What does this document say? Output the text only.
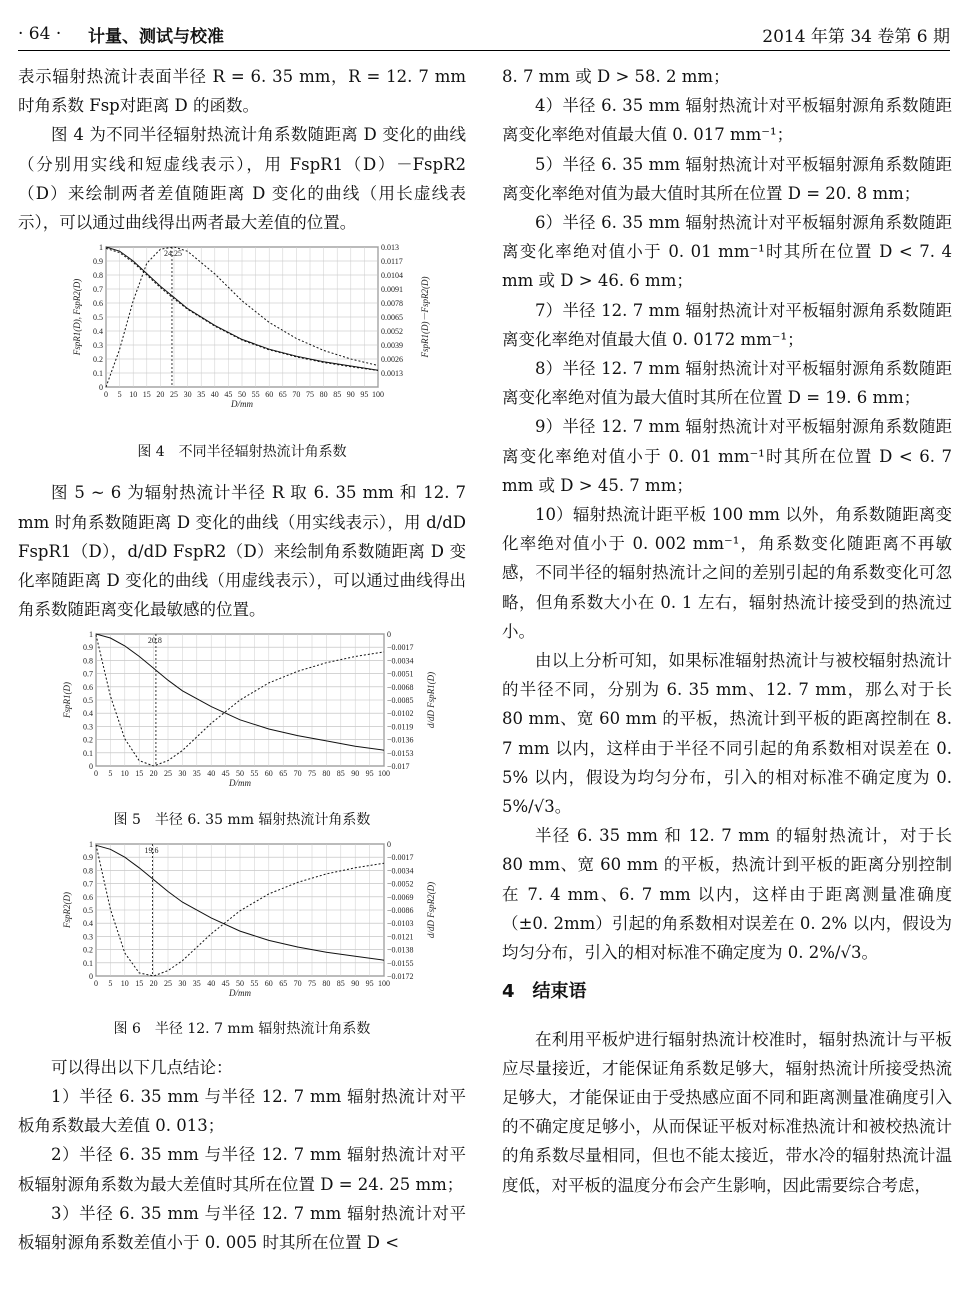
· 64 ·	计量、测试与校准	2014 年第 34 卷第 6 期

表示辐射热流计表面半径 R = 6. 35 mm，R = 12. 7 mm 时角系数 Fsp对距离 D 的函数。

图 4 为不同半径辐射热流计角系数随距离 D 变化的曲线（分别用实线和短虚线表示），用 FspR1（D）－FspR2（D）来绘制两者差值随距离 D 变化的曲线（用长虚线表示），可以通过曲线得出两者最大差值的位置。

1
0.9
0.8
0.7
0.6
0.5
0.4
0.3
0.2
0.1
0
0.013
0.0117
0.0104
0.0091
0.0078
0.0065
0.0052
0.0039
0.0026
0.0013
0 5 10 15 20 25 30 35 40 45 50 55 60 65 70 75 80 85 90 95 100
D/mm
FspR1(D), FspR2(D)	FspR1(D)－FspR2(D)
24.25
图 4　不同半径辐射热流计角系数

图 5 ~ 6 为辐射热流计半径 R 取 6. 35 mm 和 12. 7 mm 时角系数随距离 D 变化的曲线（用实线表示），用 d/dD FspR1（D），d/dD FspR2（D）来绘制角系数随距离 D 变化率随距离 D 变化的曲线（用虚线表示），可以通过曲线得出角系数随距离变化最敏感的位置。

1
0.9
0.8
0.7
0.6
0.5
0.4
0.3
0.2
0.1
0
0
−0.0017
−0.0034
−0.0051
−0.0068
−0.0085
−0.0102
−0.0119
−0.0136
−0.0153
−0.017
0 5 10 15 20 25 30 35 40 45 50 55 60 65 70 75 80 85 90 95 100
D/mm
FspR1(D)	d/dD FspR1(D)
20.8
图 5　半径 6. 35 mm 辐射热流计角系数
1
0.9
0.8
0.7
0.6
0.5
0.4
0.3
0.2
0.1
0
0
−0.0017
−0.0034
−0.0052
−0.0069
−0.0086
−0.0103
−0.0121
−0.0138
−0.0155
−0.0172
0 5 10 15 20 25 30 35 40 45 50 55 60 65 70 75 80 85 90 95 100
D/mm
FspR2(D)	d/dD FspR2(D)
19.6
图 6　半径 12. 7 mm 辐射热流计角系数

可以得出以下几点结论：

1）半径 6. 35 mm 与半径 12. 7 mm 辐射热流计对平板角系数最大差值 0. 013；

2）半径 6. 35 mm 与半径 12. 7 mm 辐射热流计对平板辐射源角系数为最大差值时其所在位置 D = 24. 25 mm；

3）半径 6. 35 mm 与半径 12. 7 mm 辐射热流计对平板辐射源角系数差值小于 0. 005 时其所在位置 D <

8. 7 mm 或 D > 58. 2 mm；

4）半径 6. 35 mm 辐射热流计对平板辐射源角系数随距离变化率绝对值最大值 0. 017 mm⁻¹；

5）半径 6. 35 mm 辐射热流计对平板辐射源角系数随距离变化率绝对值为最大值时其所在位置 D = 20. 8 mm；

6）半径 6. 35 mm 辐射热流计对平板辐射源角系数随距离变化率绝对值小于 0. 01 mm⁻¹时其所在位置 D < 7. 4 mm 或 D > 46. 6 mm；

7）半径 12. 7 mm 辐射热流计对平板辐射源角系数随距离变化率绝对值最大值 0. 0172 mm⁻¹；

8）半径 12. 7 mm 辐射热流计对平板辐射源角系数随距离变化率绝对值为最大值时其所在位置 D = 19. 6 mm；

9）半径 12. 7 mm 辐射热流计对平板辐射源角系数随距离变化率绝对值小于 0. 01 mm⁻¹时其所在位置 D < 6. 7 mm 或 D > 45. 7 mm；

10）辐射热流计距平板 100 mm 以外，角系数随距离变化率绝对值小于 0. 002 mm⁻¹，角系数变化随距离不再敏感，不同半径的辐射热流计之间的差别引起的角系数变化可忽略，但角系数大小在 0. 1 左右，辐射热流计接受到的热流过小。

由以上分析可知，如果标准辐射热流计与被校辐射热流计的半径不同，分别为 6. 35 mm、12. 7 mm，那么对于长 80 mm、宽 60 mm 的平板，热流计到平板的距离控制在 8. 7 mm 以内，这样由于半径不同引起的角系数相对误差在 0. 5% 以内，假设为均匀分布，引入的相对标准不确定度为 0. 5%/√3。

半径 6. 35 mm 和 12. 7 mm 的辐射热流计，对于长 80 mm、宽 60 mm 的平板，热流计到平板的距离分别控制在 7. 4 mm、6. 7 mm 以内，这样由于距离测量准确度（±0. 2mm）引起的角系数相对误差在 0. 2% 以内，假设为均匀分布，引入的相对标准不确定度为 0. 2%/√3。

4　结束语

在利用平板炉进行辐射热流计校准时，辐射热流计与平板应尽量接近，才能保证角系数足够大，辐射热流计所接受热流足够大，才能保证由于受热感应面不同和距离测量准确度引入的不确定度足够小，从而保证平板对标准热流计和被校热流计的角系数尽量相同，但也不能太接近，带水冷的辐射热流计温度低，对平板的温度分布会产生影响，因此需要综合考虑，
